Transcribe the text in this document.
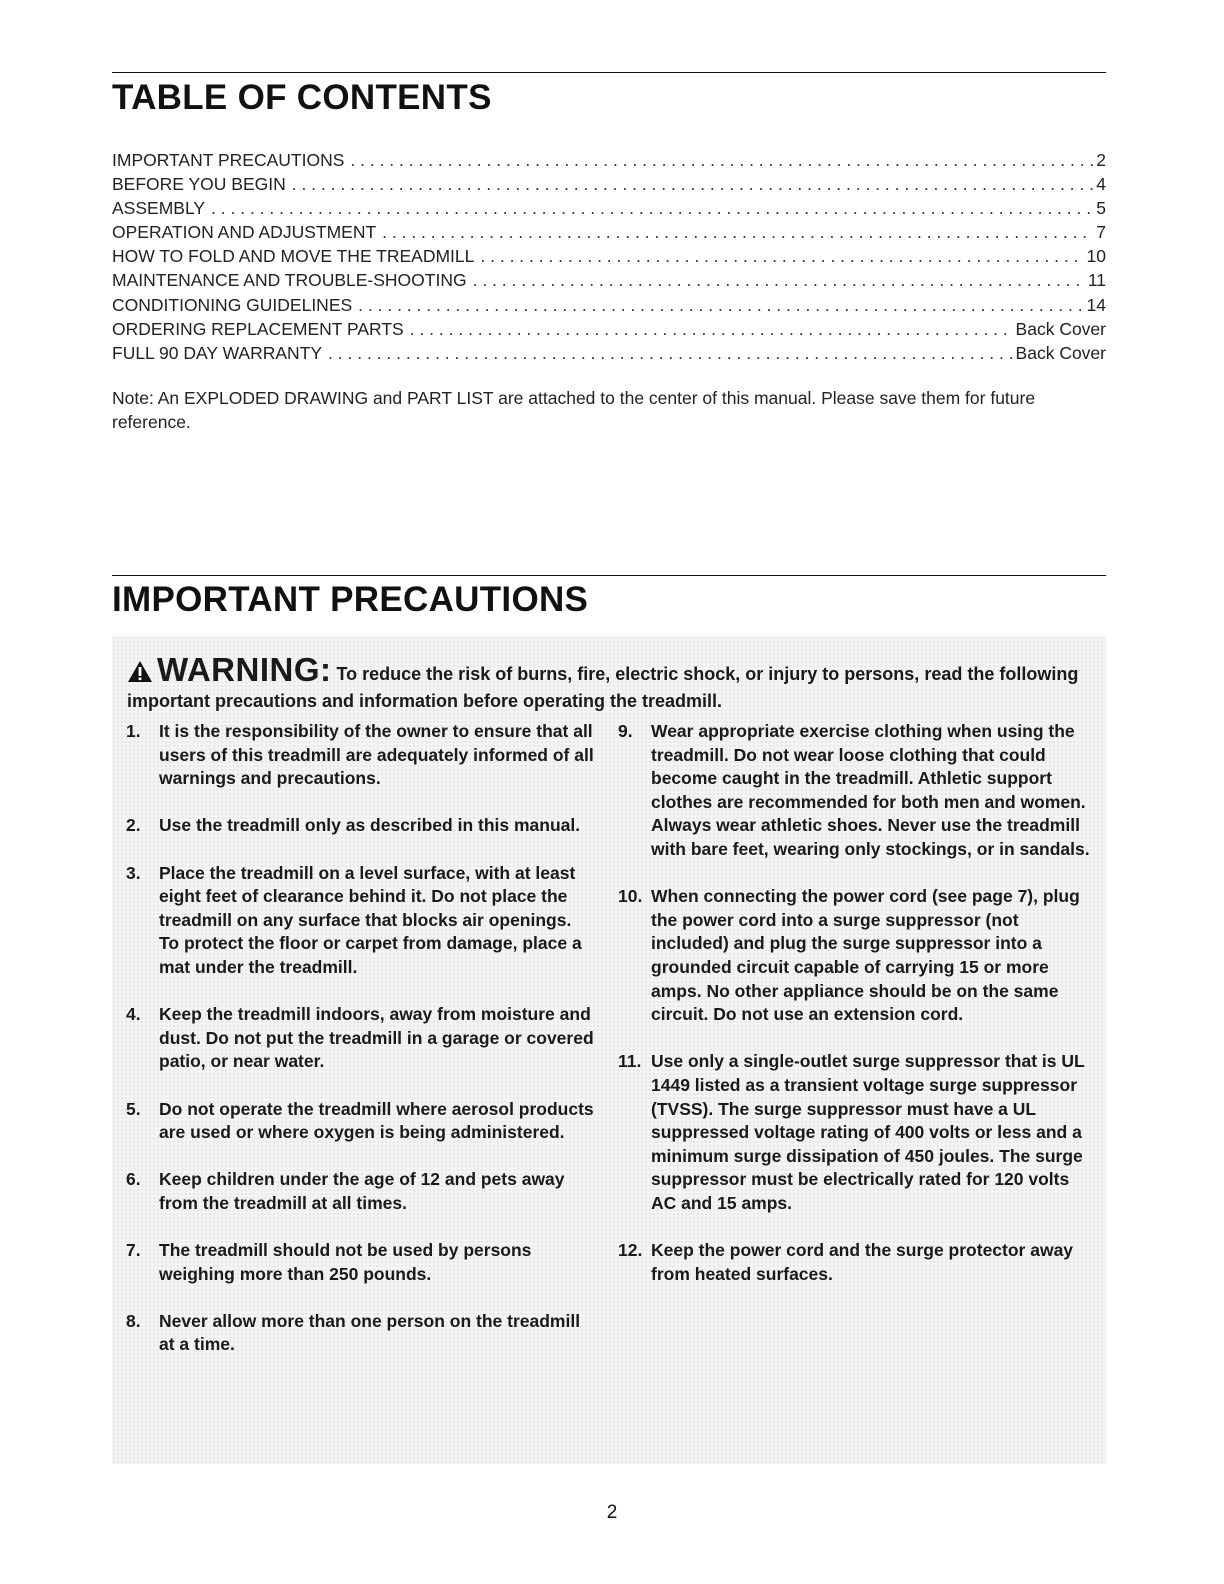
TABLE OF CONTENTS
IMPORTANT PRECAUTIONS . . .	2
BEFORE YOU BEGIN . . .	4
ASSEMBLY . . .	5
OPERATION AND ADJUSTMENT . . .	7
HOW TO FOLD AND MOVE THE TREADMILL . . .	10
MAINTENANCE AND TROUBLE-SHOOTING . . .	11
CONDITIONING GUIDELINES . . .	14
ORDERING REPLACEMENT PARTS . . .	Back Cover
FULL 90 DAY WARRANTY . . .	Back Cover

Note: An EXPLODED DRAWING and PART LIST are attached to the center of this manual. Please save them for future reference.

IMPORTANT PRECAUTIONS

WARNING: To reduce the risk of burns, fire, electric shock, or injury to persons, read the following important precautions and information before operating the treadmill.

1. It is the responsibility of the owner to ensure that all users of this treadmill are adequately informed of all warnings and precautions.
2. Use the treadmill only as described in this manual.
3. Place the treadmill on a level surface, with at least eight feet of clearance behind it. Do not place the treadmill on any surface that blocks air openings. To protect the floor or carpet from damage, place a mat under the treadmill.
4. Keep the treadmill indoors, away from moisture and dust. Do not put the treadmill in a garage or covered patio, or near water.
5. Do not operate the treadmill where aerosol products are used or where oxygen is being administered.
6. Keep children under the age of 12 and pets away from the treadmill at all times.
7. The treadmill should not be used by persons weighing more than 250 pounds.
8. Never allow more than one person on the treadmill at a time.
9. Wear appropriate exercise clothing when using the treadmill. Do not wear loose clothing that could become caught in the treadmill. Athletic support clothes are recommended for both men and women. Always wear athletic shoes. Never use the treadmill with bare feet, wearing only stockings, or in sandals.
10. When connecting the power cord (see page 7), plug the power cord into a surge suppressor (not included) and plug the surge suppressor into a grounded circuit capable of carrying 15 or more amps. No other appliance should be on the same circuit. Do not use an extension cord.
11. Use only a single-outlet surge suppressor that is UL 1449 listed as a transient voltage surge suppressor (TVSS). The surge suppressor must have a UL suppressed voltage rating of 400 volts or less and a minimum surge dissipation of 450 joules. The surge suppressor must be electrically rated for 120 volts AC and 15 amps.
12. Keep the power cord and the surge protector away from heated surfaces.
2
